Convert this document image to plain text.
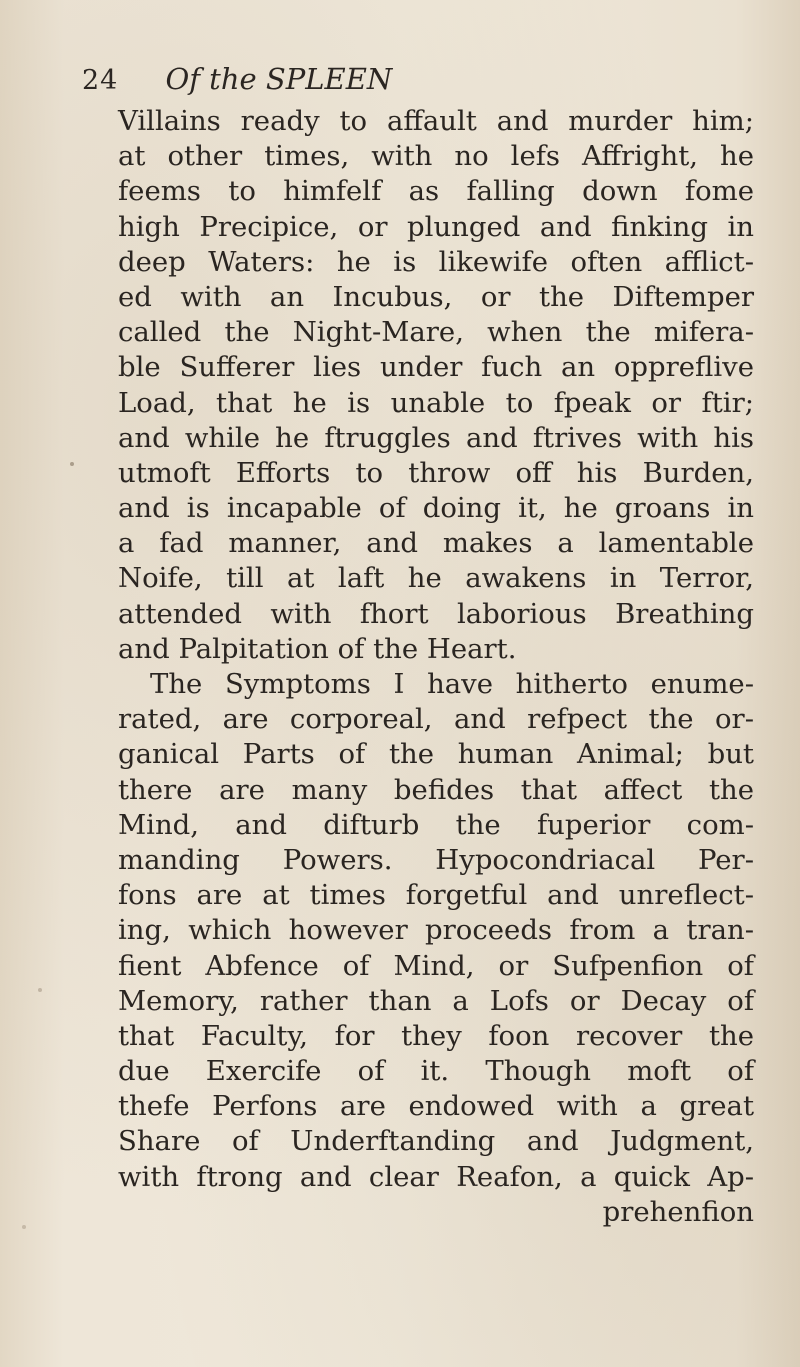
24 Of the SPLEEN
Villains ready to affault and murder him;
at other times, with no lefs Affright, he
feems to himfelf as falling down fome
high Precipice, or plunged and finking in
deep Waters: he is likewife often afflict-
ed with an Incubus, or the Diftemper
called the Night-Mare, when the mifera-
ble Sufferer lies under fuch an oppreflive
Load, that he is unable to fpeak or ftir;
and while he ftruggles and ftrives with his
utmoft Efforts to throw off his Burden,
and is incapable of doing it, he groans in
a fad manner, and makes a lamentable
Noife, till at laft he awakens in Terror,
attended with fhort laborious Breathing
and Palpitation of the Heart.
The Symptoms I have hitherto enume-
rated, are corporeal, and refpect the or-
ganical Parts of the human Animal; but
there are many befides that affect the
Mind, and difturb the fuperior com-
manding Powers. Hypocondriacal Per-
fons are at times forgetful and unreflect-
ing, which however proceeds from a tran-
fient Abfence of Mind, or Sufpenfion of
Memory, rather than a Lofs or Decay of
that Faculty, for they foon recover the
due Exercife of it. Though moft of
thefe Perfons are endowed with a great
Share of Underftanding and Judgment,
with ftrong and clear Reafon, a quick Ap-
prehenfion
